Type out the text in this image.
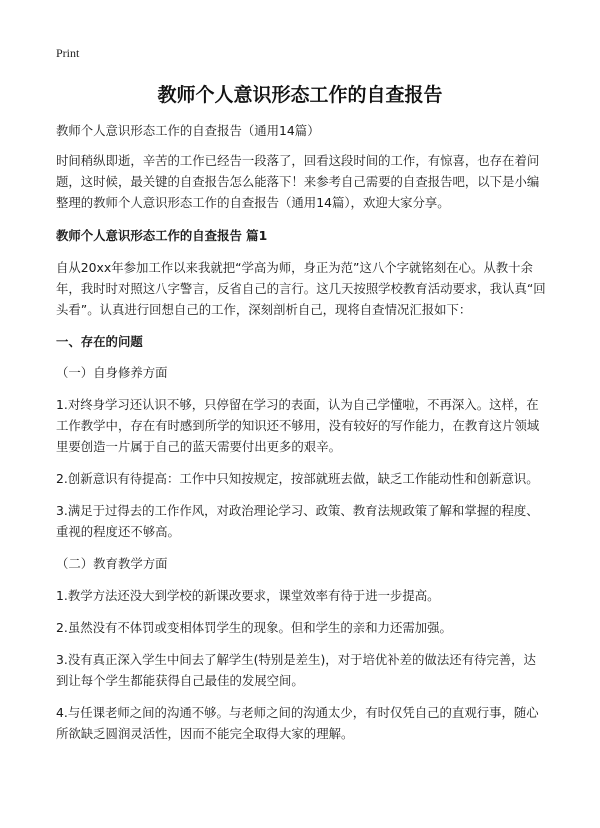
Print
教师个人意识形态工作的自查报告

教师个人意识形态工作的自查报告（通用14篇）

时间稍纵即逝，辛苦的工作已经告一段落了，回看这段时间的工作，有惊喜，也存在着问题，这时候，最关键的自查报告怎么能落下！来参考自己需要的自查报告吧，以下是小编整理的教师个人意识形态工作的自查报告（通用14篇），欢迎大家分享。

教师个人意识形态工作的自查报告 篇1

自从20xx年参加工作以来我就把“学高为师，身正为范”这八个字就铭刻在心。从教十余年，我时时对照这八字警言，反省自己的言行。这几天按照学校教育活动要求，我认真“回头看”。认真进行回想自己的工作，深刻剖析自己，现将自查情况汇报如下：

一、存在的问题

（一）自身修养方面

1.对终身学习还认识不够，只停留在学习的表面，认为自己学懂啦，不再深入。这样，在工作教学中，存在有时感到所学的知识还不够用，没有较好的写作能力，在教育这片领域里要创造一片属于自己的蓝天需要付出更多的艰辛。

2.创新意识有待提高：工作中只知按规定，按部就班去做，缺乏工作能动性和创新意识。

3.满足于过得去的工作作风，对政治理论学习、政策、教育法规政策了解和掌握的程度、重视的程度还不够高。

（二）教育教学方面

1.教学方法还没大到学校的新课改要求，课堂效率有待于进一步提高。

2.虽然没有不体罚或变相体罚学生的现象。但和学生的亲和力还需加强。

3.没有真正深入学生中间去了解学生(特别是差生)，对于培优补差的做法还有待完善，达到让每个学生都能获得自己最佳的发展空间。

4.与任课老师之间的沟通不够。与老师之间的沟通太少，有时仅凭自己的直观行事，随心所欲缺乏圆润灵活性，因而不能完全取得大家的理解。
